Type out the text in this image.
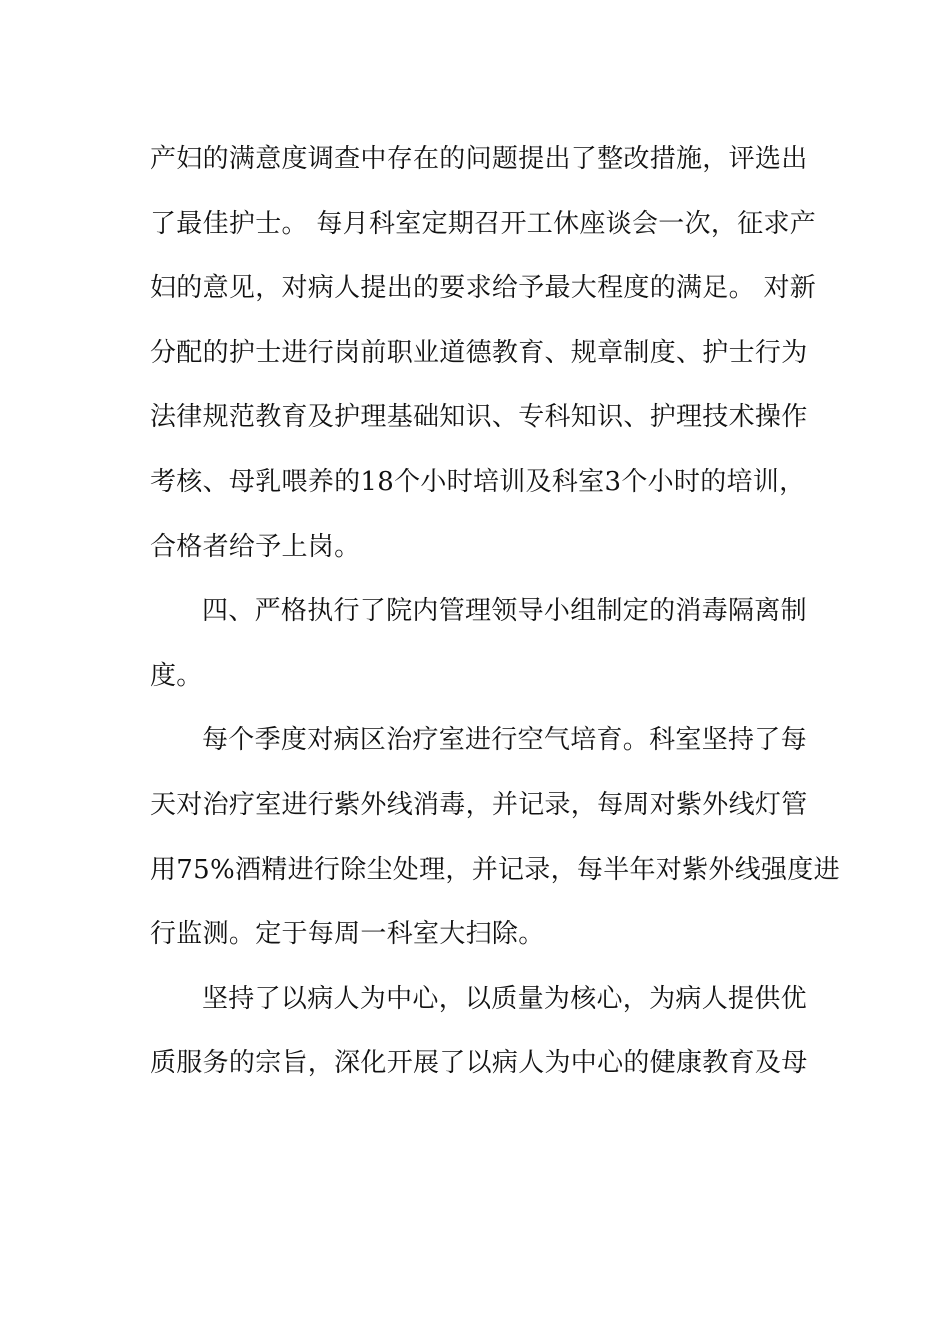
产妇的满意度调查中存在的问题提出了整改措施，评选出
了最佳护士。 每月科室定期召开工休座谈会一次，征求产
妇的意见，对病人提出的要求给予最大程度的满足。 对新
分配的护士进行岗前职业道德教育、规章制度、护士行为
法律规范教育及护理基础知识、专科知识、护理技术操作
考核、母乳喂养的18个小时培训及科室3个小时的培训，
合格者给予上岗。
四、严格执行了院内管理领导小组制定的消毒隔离制
度。
每个季度对病区治疗室进行空气培育。科室坚持了每
天对治疗室进行紫外线消毒，并记录，每周对紫外线灯管
用75%酒精进行除尘处理，并记录，每半年对紫外线强度进
行监测。定于每周一科室大扫除。
坚持了以病人为中心，以质量为核心，为病人提供优
质服务的宗旨，深化开展了以病人为中心的健康教育及母
